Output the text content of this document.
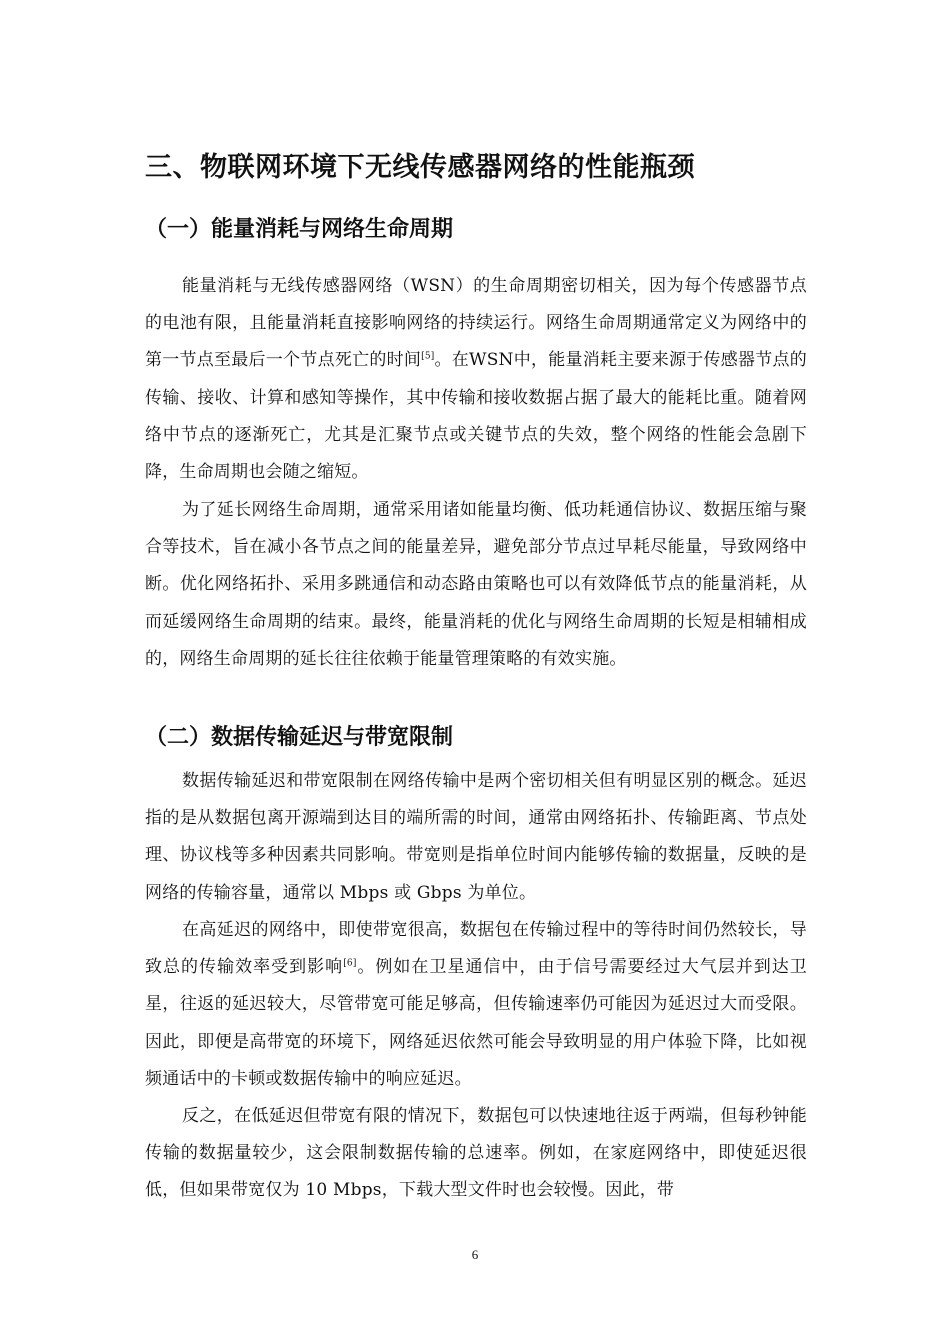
三、物联网环境下无线传感器网络的性能瓶颈
（一）能量消耗与网络生命周期

能量消耗与无线传感器网络（WSN）的生命周期密切相关，因为每个传感器节点的电池有限，且能量消耗直接影响网络的持续运行。网络生命周期通常定义为网络中的第一节点至最后一个节点死亡的时间[5]。在WSN中，能量消耗主要来源于传感器节点的传输、接收、计算和感知等操作，其中传输和接收数据占据了最大的能耗比重。随着网络中节点的逐渐死亡，尤其是汇聚节点或关键节点的失效，整个网络的性能会急剧下降，生命周期也会随之缩短。

为了延长网络生命周期，通常采用诸如能量均衡、低功耗通信协议、数据压缩与聚合等技术，旨在减小各节点之间的能量差异，避免部分节点过早耗尽能量，导致网络中断。优化网络拓扑、采用多跳通信和动态路由策略也可以有效降低节点的能量消耗，从而延缓网络生命周期的结束。最终，能量消耗的优化与网络生命周期的长短是相辅相成的，网络生命周期的延长往往依赖于能量管理策略的有效实施。

（二）数据传输延迟与带宽限制

数据传输延迟和带宽限制在网络传输中是两个密切相关但有明显区别的概念。延迟指的是从数据包离开源端到达目的端所需的时间，通常由网络拓扑、传输距离、节点处理、协议栈等多种因素共同影响。带宽则是指单位时间内能够传输的数据量，反映的是网络的传输容量，通常以 Mbps 或 Gbps 为单位。

在高延迟的网络中，即使带宽很高，数据包在传输过程中的等待时间仍然较长，导致总的传输效率受到影响[6]。例如在卫星通信中，由于信号需要经过大气层并到达卫星，往返的延迟较大，尽管带宽可能足够高，但传输速率仍可能因为延迟过大而受限。因此，即便是高带宽的环境下，网络延迟依然可能会导致明显的用户体验下降，比如视频通话中的卡顿或数据传输中的响应延迟。

反之，在低延迟但带宽有限的情况下，数据包可以快速地往返于两端，但每秒钟能传输的数据量较少，这会限制数据传输的总速率。例如，在家庭网络中，即使延迟很低，但如果带宽仅为 10 Mbps，下载大型文件时也会较慢。因此，带

6
